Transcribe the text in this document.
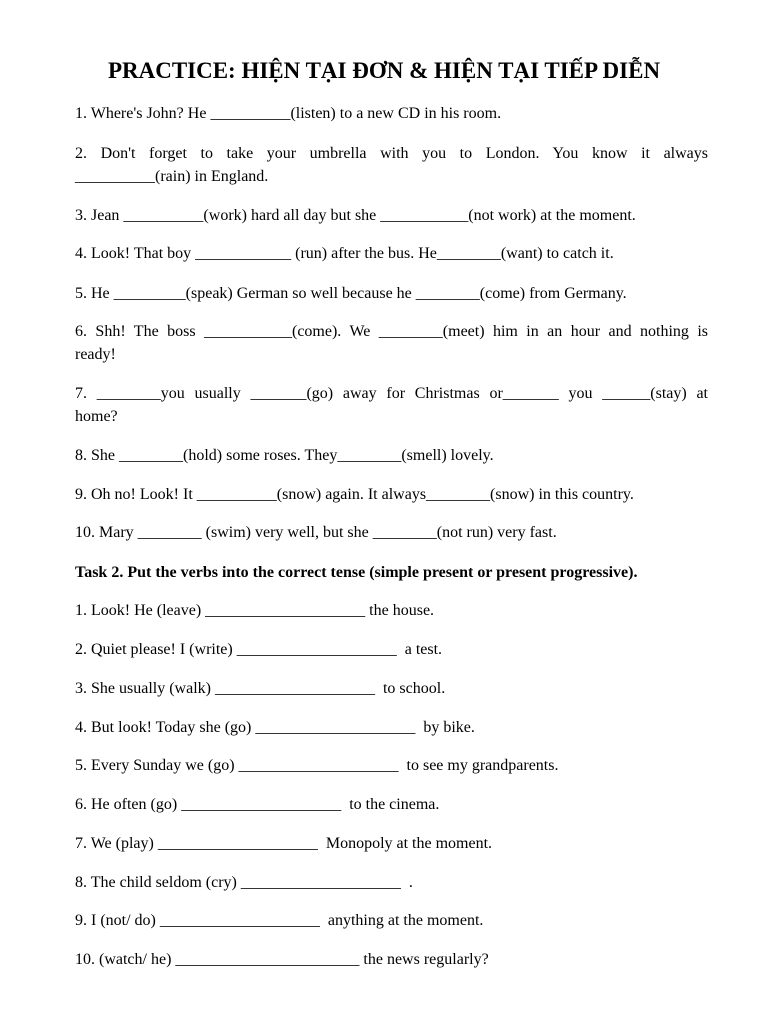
PRACTICE: HIỆN TẠI ĐƠN & HIỆN TẠI TIẾP DIỄN
1. Where's John? He __________(listen) to a new CD in his room.
2. Don't forget to take your umbrella with you to London. You know it always
__________(rain) in England.
3. Jean __________(work) hard all day but she ___________(not work) at the moment.
4. Look! That boy ____________ (run) after the bus. He________(want) to catch it.
5. He _________(speak) German so well because he ________(come) from Germany.
6. Shh! The boss ___________(come). We ________(meet) him in an hour and nothing is
ready!
7. ________you usually _______(go) away for Christmas or_______ you ______(stay) at
home?
8. She ________(hold) some roses. They________(smell) lovely.
9. Oh no! Look! It __________(snow) again. It always________(snow) in this country.
10. Mary ________ (swim) very well, but she ________(not run) very fast.
Task 2. Put the verbs into the correct tense (simple present or present progressive).
1. Look! He (leave) ____________________ the house.
2. Quiet please! I (write) ____________________  a test.
3. She usually (walk) ____________________  to school.
4. But look! Today she (go) ____________________  by bike.
5. Every Sunday we (go) ____________________  to see my grandparents.
6. He often (go) ____________________  to the cinema.
7. We (play) ____________________  Monopoly at the moment.
8. The child seldom (cry) ____________________  .
9. I (not/ do) ____________________  anything at the moment.
10. (watch/ he) _______________________ the news regularly?
